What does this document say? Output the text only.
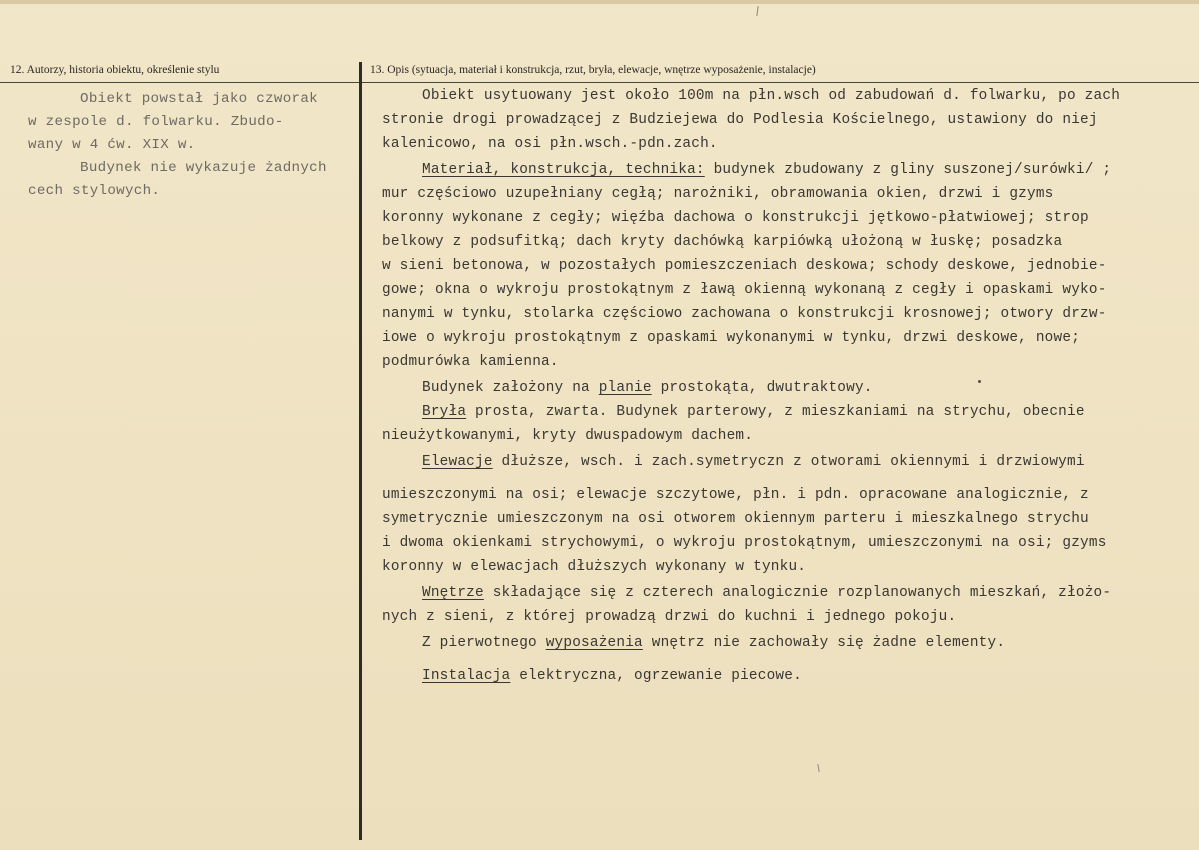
12. Autorzy, historia obiektu, określenie stylu	13. Opis (sytuacja, materiał i konstrukcja, rzut, bryła, elewacje, wnętrze wyposażenie, instalacje)
Obiekt powstał jako czworak
w zespole d. folwarku. Zbudo-
wany w 4 ćw. XIX w.
Budynek nie wykazuje żadnych
cech stylowych.
Obiekt usytuowany jest około 100m na płn.wsch od zabudowań d. folwarku, po zach
stronie drogi prowadzącej z Budziejewa do Podlesia Kościelnego, ustawiony do niej
kalenicowo, na osi płn.wsch.-pdn.zach.
Materiał, konstrukcja, technika: budynek zbudowany z gliny suszonej/surówki/ ;
mur częściowo uzupełniany cegłą; narożniki, obramowania okien, drzwi i gzyms
koronny wykonane z cegły; więźba dachowa o konstrukcji jętkowo-płatwiowej; strop
belkowy z podsufitką; dach kryty dachówką karpiówką ułożoną w łuskę; posadzka
w sieni betonowa, w pozostałych pomieszczeniach deskowa; schody deskowe, jednobie-
gowe; okna o wykroju prostokątnym z ławą okienną wykonaną z cegły i opaskami wyko-
nanymi w tynku, stolarka częściowo zachowana o konstrukcji krosnowej; otwory drzw-
iowe o wykroju prostokątnym z opaskami wykonanymi w tynku, drzwi deskowe, nowe;
podmurówka kamienna.
Budynek założony na planie prostokąta, dwutraktowy.
Bryła prosta, zwarta. Budynek parterowy, z mieszkaniami na strychu, obecnie
nieużytkowanymi, kryty dwuspadowym dachem.
Elewacje dłuższe, wsch. i zach.symetryczn z otworami okiennymi i drzwiowymi
umieszczonymi na osi; elewacje szczytowe, płn. i pdn. opracowane analogicznie, z
symetrycznie umieszczonym na osi otworem okiennym parteru i mieszkalnego strychu
i dwoma okienkami strychowymi, o wykroju prostokątnym, umieszczonymi na osi; gzyms
koronny w elewacjach dłuższych wykonany w tynku.
Wnętrze składające się z czterech analogicznie rozplanowanych mieszkań, złożo-
nych z sieni, z której prowadzą drzwi do kuchni i jednego pokoju.
Z pierwotnego wyposażenia wnętrz nie zachowały się żadne elementy.
Instalacja elektryczna, ogrzewanie piecowe.
